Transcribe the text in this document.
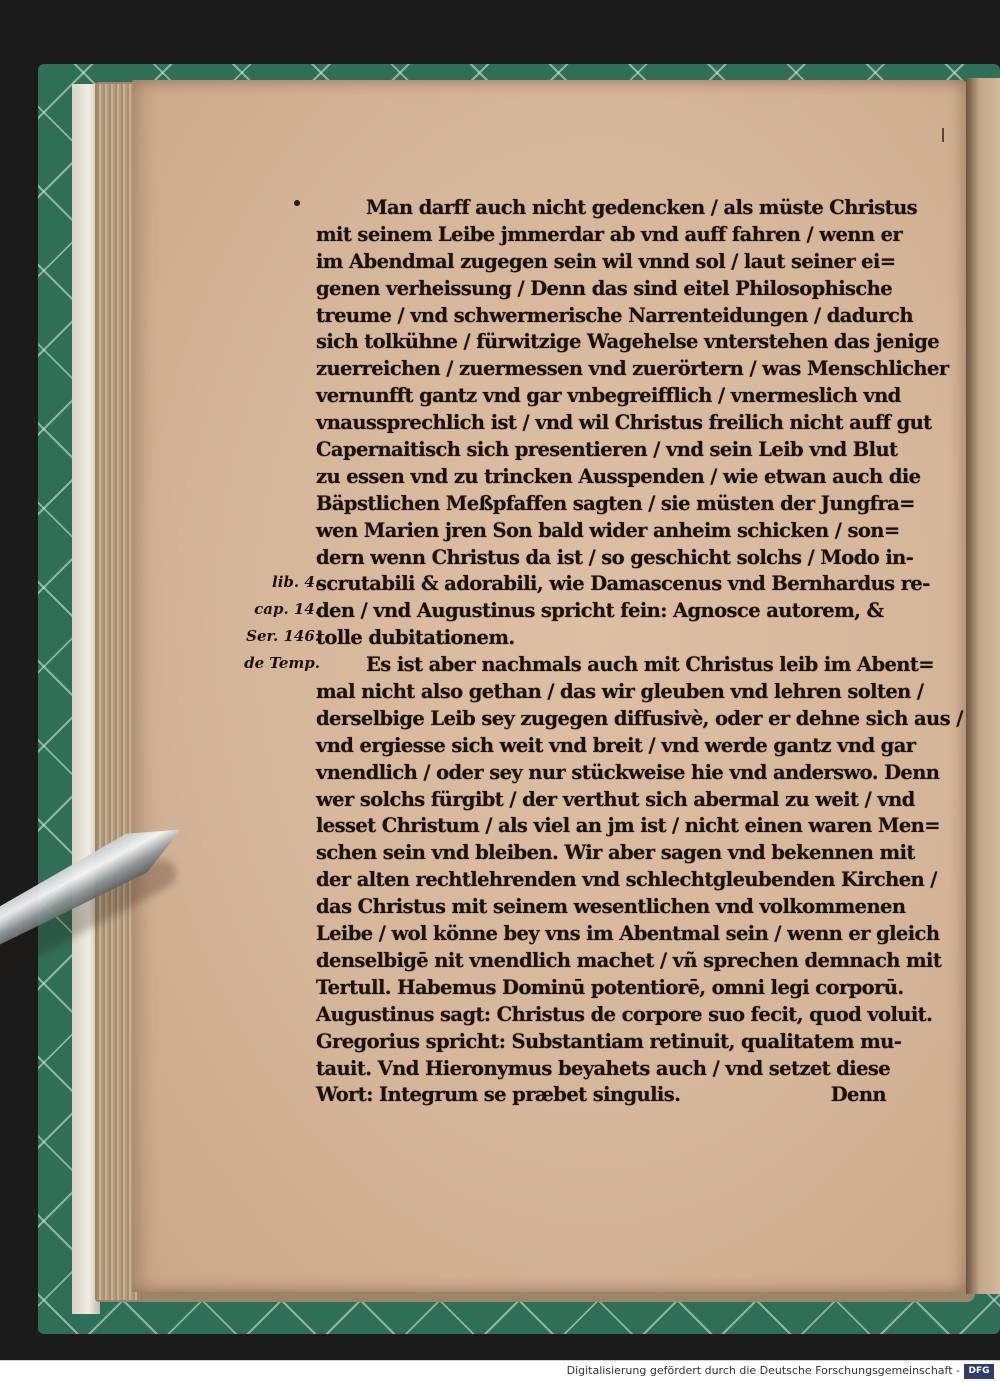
lib. 4.
cap. 14.
Ser. 146.
de Temp.
Man darff auch nicht gedencken / als müste Christus
mit seinem Leibe jmmerdar ab vnd auff fahren / wenn er
im Abendmal zugegen sein wil vnnd sol / laut seiner ei=
genen verheissung / Denn das sind eitel Philosophische
treume / vnd schwermerische Narrenteidungen / dadurch
sich tolkühne / fürwitzige Wagehelse vnterstehen das jenige
zuerreichen / zuermessen vnd zuerörtern / was Menschlicher
vernunfft gantz vnd gar vnbegreifflich / vnermeslich vnd
vnaussprechlich ist / vnd wil Christus freilich nicht auff gut
Capernaitisch sich presentieren / vnd sein Leib vnd Blut
zu essen vnd zu trincken Ausspenden / wie etwan auch die
Bäpstlichen Meßpfaffen sagten / sie müsten der Jungfra=
wen Marien jren Son bald wider anheim schicken / son=
dern wenn Christus da ist / so geschicht solchs / Modo in-
scrutabili & adorabili, wie Damascenus vnd Bernhardus re-
den / vnd Augustinus spricht fein: Agnosce autorem, &
tolle dubitationem.
Es ist aber nachmals auch mit Christus leib im Abent=
mal nicht also gethan / das wir gleuben vnd lehren solten /
derselbige Leib sey zugegen diffusivè, oder er dehne sich aus /
vnd ergiesse sich weit vnd breit / vnd werde gantz vnd gar
vnendlich / oder sey nur stückweise hie vnd anderswo. Denn
wer solchs fürgibt / der verthut sich abermal zu weit / vnd
lesset Christum / als viel an jm ist / nicht einen waren Men=
schen sein vnd bleiben. Wir aber sagen vnd bekennen mit
der alten rechtlehrenden vnd schlechtgleubenden Kirchen /
das Christus mit seinem wesentlichen vnd volkommenen
Leibe / wol könne bey vns im Abentmal sein / wenn er gleich
denselbigē nit vnendlich machet / vñ sprechen demnach mit
Tertull. Habemus Dominū potentiorē, omni legi corporū.
Augustinus sagt: Christus de corpore suo fecit, quod voluit.
Gregorius spricht: Substantiam retinuit, qualitatem mu-
tauit. Vnd Hieronymus beyahets auch / vnd setzet diese
Wort: Integrum se præbet singulis.	Denn
Digitalisierung gefördert durch die Deutsche Forschungsgemeinschaft - DFG
